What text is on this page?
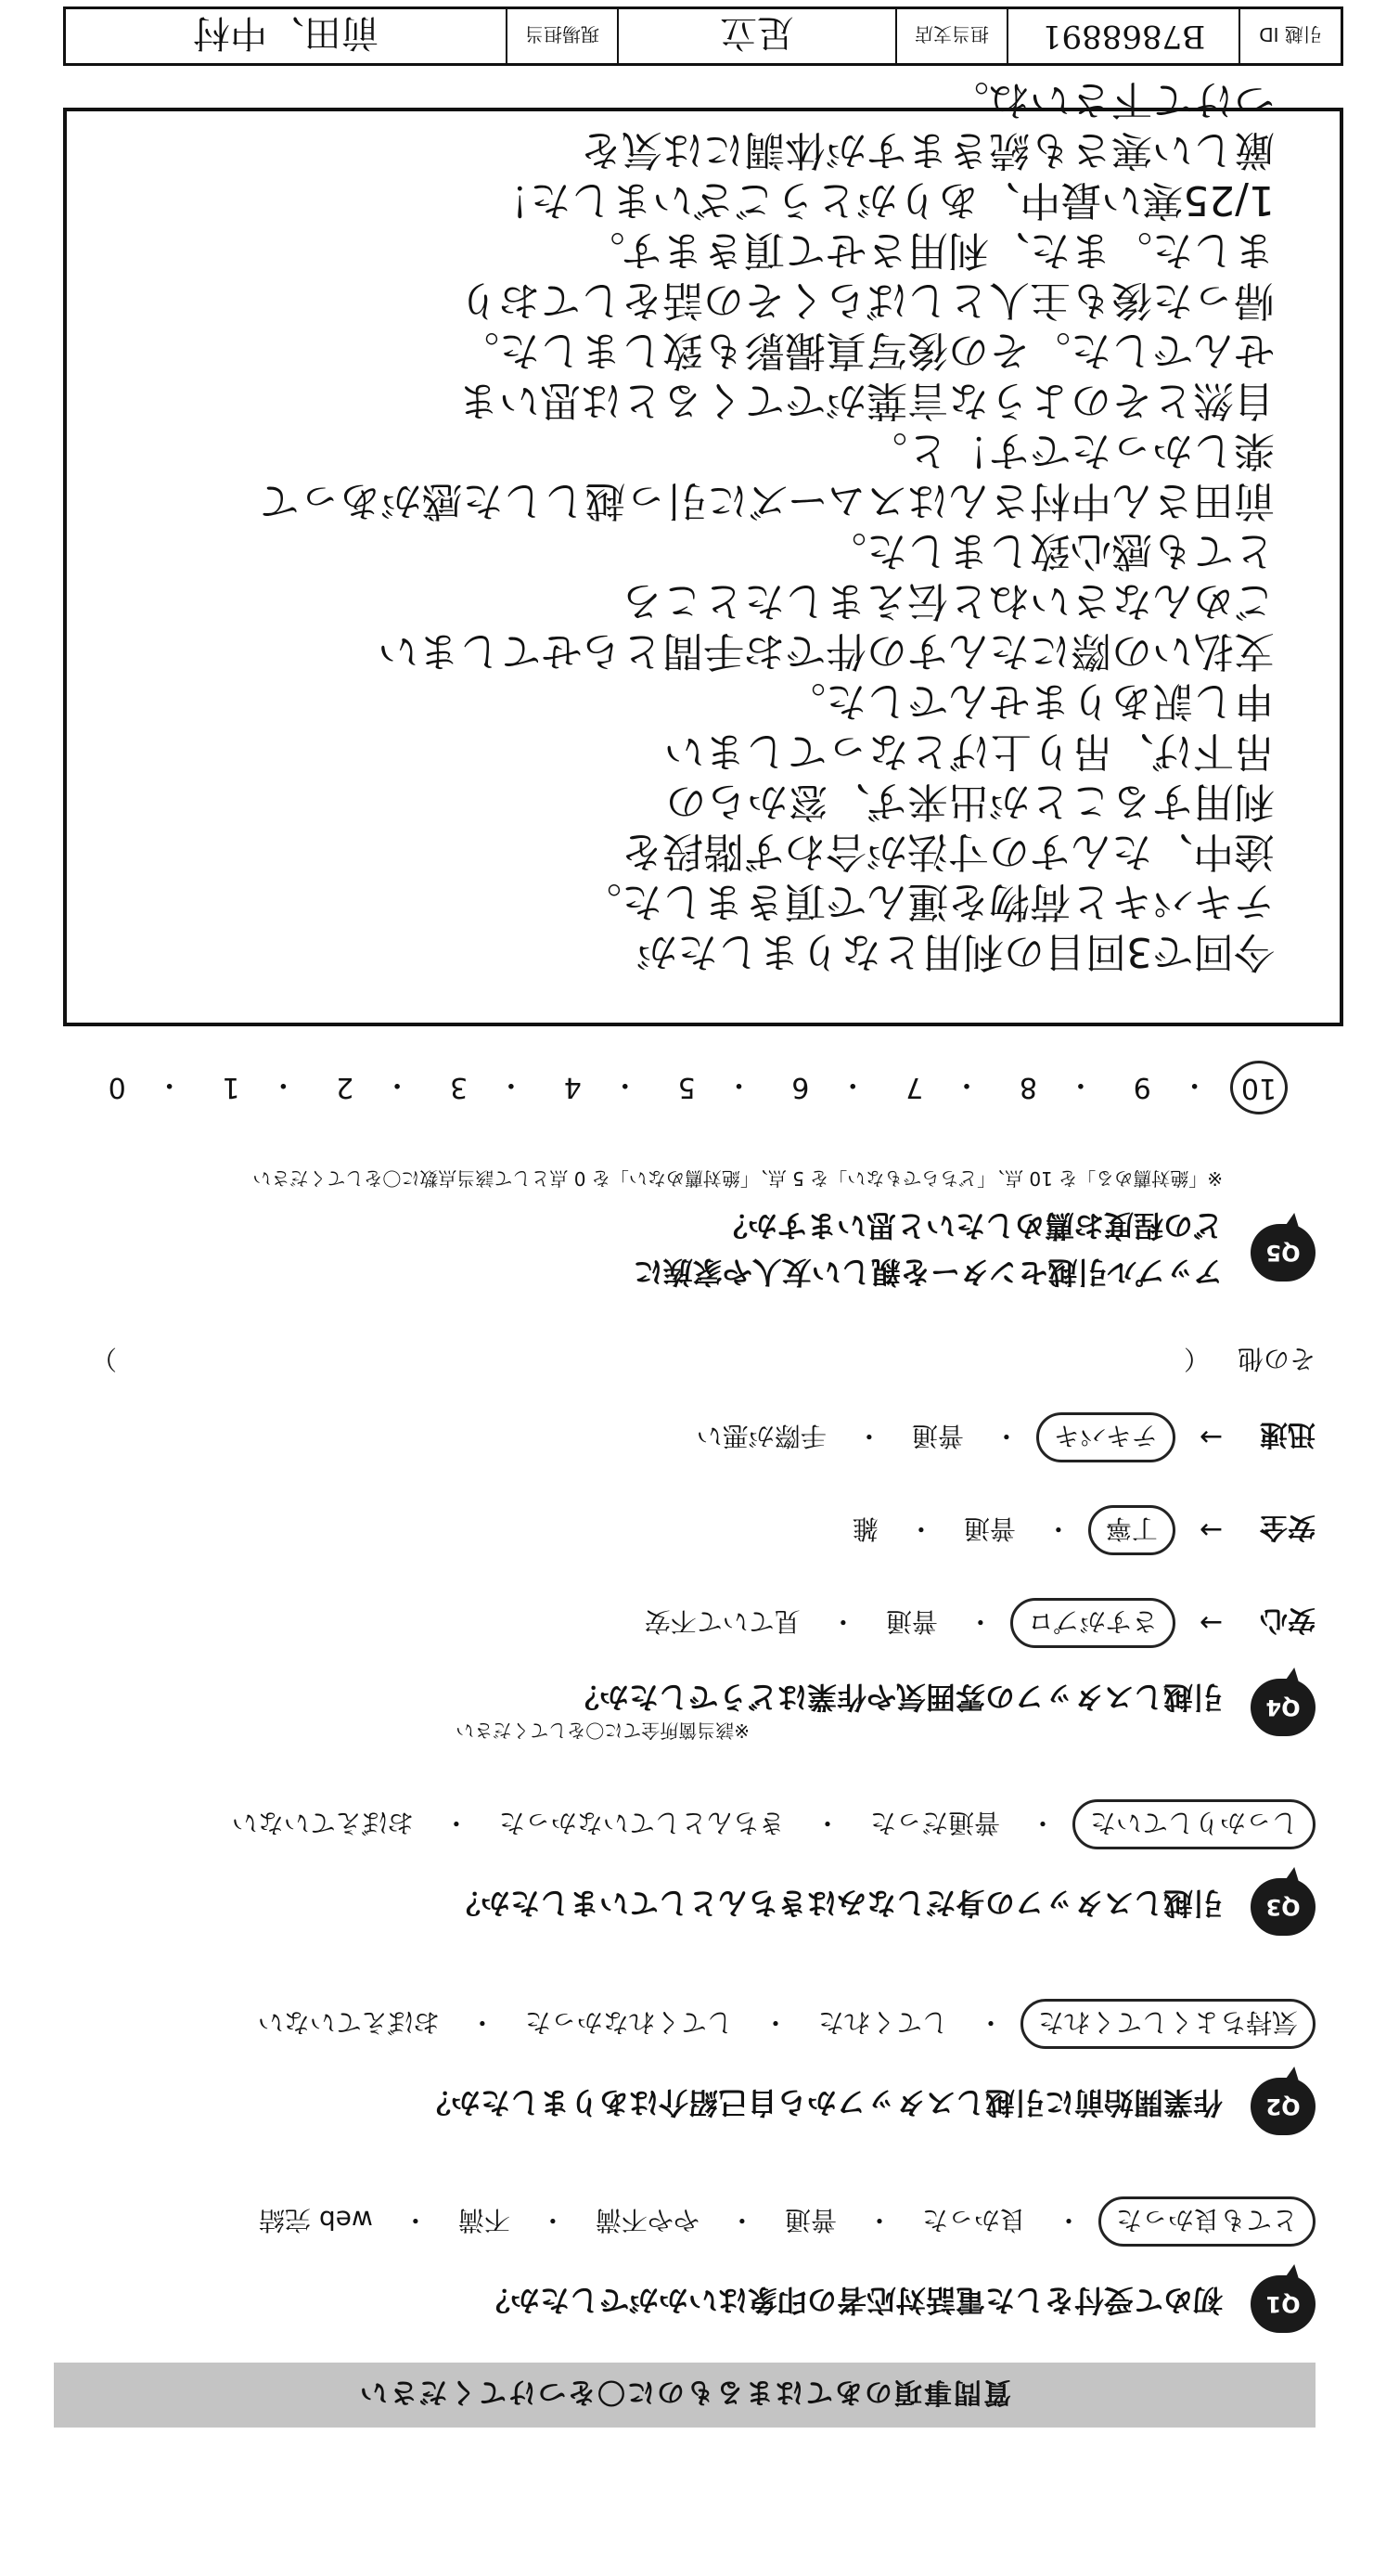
質問事項のあてはまるものに〇をつけてください
Q1
初めて受付をした電話対応者の印象はいかがでしたか？
とても良かった
・
良かった
・
普通
・
やや不満
・
不満
・
web 完結
Q2
作業開始前に引越しスタッフから自己紹介はありましたか？
気持ちよくしてくれた
・
してくれた
・
してくれなかった
・
おぼえていない
Q3
引越しスタッフの身だしなみはきちんとしていましたか？
しっかりしていた
・
普通だった
・
きちんとしていなかった
・
おぼえていない
Q4
引越しスタッフの雰囲気や作業はどうでしたか？
※該当箇所全てに〇をしてください
安心
→
さすがプロ
・
普通
・
見ていて不安
安全
→
丁寧
・
普通
・
雑
迅速
→
テキパキ
・
普通
・
手際が悪い
その他
（
）
Q5
アップル引越センターを親しい友人や家族に
どの程度お薦めしたいと思いますか？
※「絶対薦める」を 10 点、「どちらでもない」を 5 点、「絶対薦めない」を 0 点として該当点数に〇をしてください
10
・
9
・
8
・
7
・
6
・
5
・
4
・
3
・
2
・
1
・
0
今回で3回目の利用となりましたが
テキパキと荷物を運んで頂きました。
途中、たんすの寸法が合わず階段を
利用することが出来ず、窓からの
吊下げ、吊り上げとなってしまい
申し訳ありませんでした。
支払いの際にたんすの件でお手間とらせてしまい
ごめんなさいねと伝えましたところ
とても感心致しました。
前田さん中村さんはスムーズに引っ越しした感があって
楽しかったです！と。
自然とそのような言葉がでてくるとは思いま
せんでした。その後写真撮影も致しました。
帰った後も主人としばらくその話をしており
ました。また、利用させて頂きます。
1/25寒い最中、ありがとうございました！
厳しい寒さも続きますが体調には気を
つけて下さいね。
引越 ID
B7868891
担当支店
足立
現場担当
前田、中村
